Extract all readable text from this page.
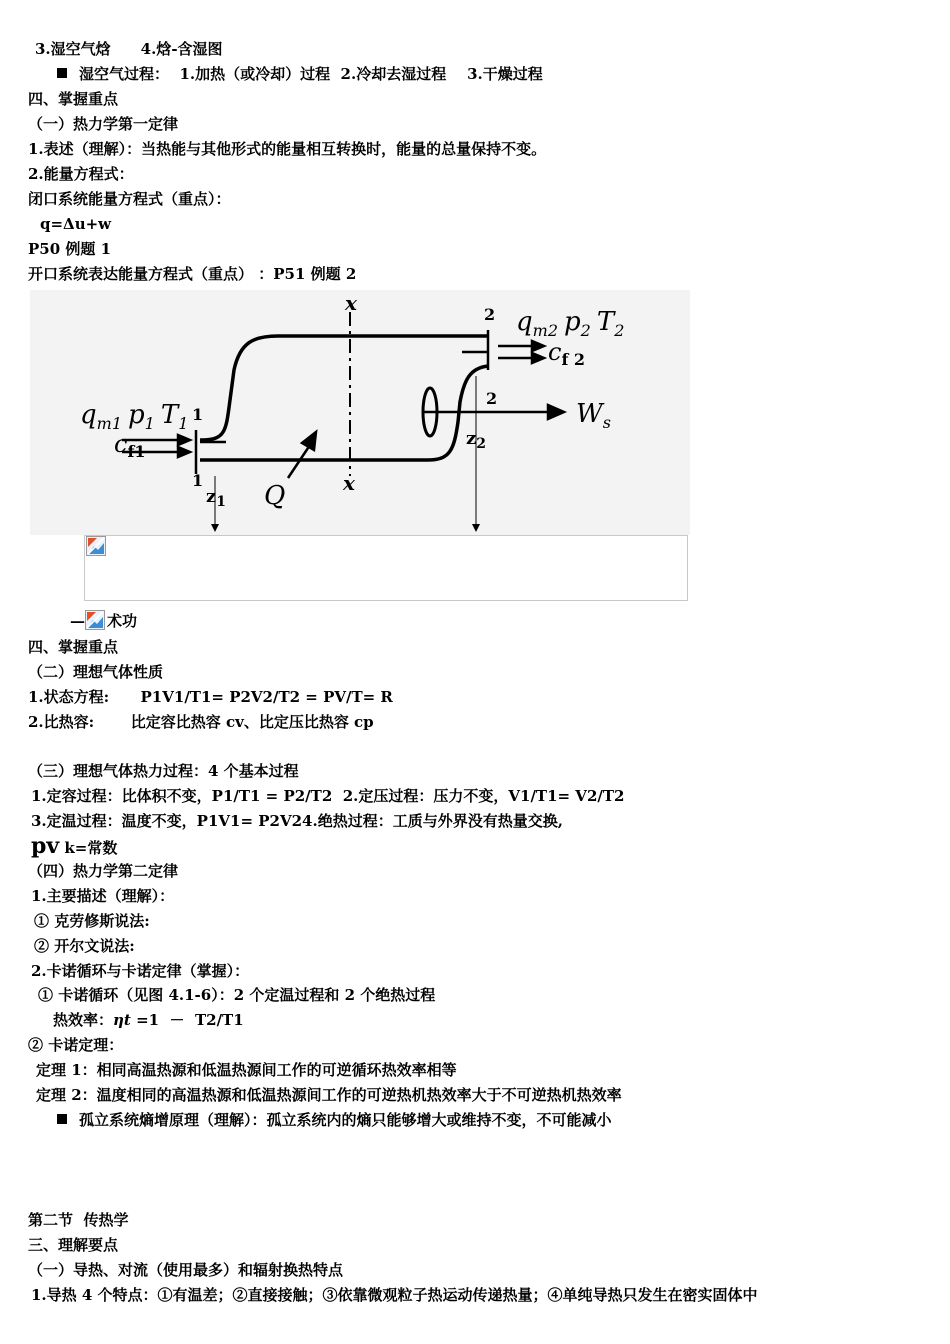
3.湿空气焓　　4.焓-含湿图
湿空气过程：  1.加热（或冷却）过程  2.冷却去湿过程    3.干燥过程
四、掌握重点
（一）热力学第一定律
1.表述（理解）：当热能与其他形式的能量相互转换时，能量的总量保持不变。
2.能量方程式：
闭口系统能量方程式（重点）：
q=Δu+w
P50 例题 1
开口系统表达能量方程式（重点） ：P51 例题 2
$q_{m2}$ $p_2$ $T_2$
$c_{f 2}$
$q_{m1}$ $p_1$ $T_1$
$c_{f1}$
x
x
Q
$W_s$
2
2
1
1
$z_1$
$z_2$
— 术功
四、掌握重点
（二）理想气体性质
1.状态方程:      P1V1/T1= P2V2/T2 = PV/T= R
2.比热容:       比定容比热容 cv、比定压比热容 cp
（三）理想气体热力过程：4 个基本过程
1.定容过程：比体积不变，P1/T1 = P2/T2  2.定压过程：压力不变，V1/T1= V2/T2
3.定温过程：温度不变，P1V1= P2V24.绝热过程：工质与外界没有热量交换,
pv k=常数
（四）热力学第二定律
1.主要描述（理解）：
① 克劳修斯说法:
② 开尔文说法:
2.卡诺循环与卡诺定律（掌握）：
① 卡诺循环（见图 4.1-6）：2 个定温过程和 2 个绝热过程
热效率：ηt =1  －  T2/T1
② 卡诺定理：
定理 1：相同高温热源和低温热源间工作的可逆循环热效率相等
定理 2：温度相同的高温热源和低温热源间工作的可逆热机热效率大于不可逆热机热效率
孤立系统熵增原理（理解）：孤立系统内的熵只能够增大或维持不变，不可能减小
第二节  传热学
三、理解要点
（一）导热、对流（使用最多）和辐射换热特点
1.导热 4 个特点：①有温差；②直接接触；③依靠微观粒子热运动传递热量；④单纯导热只发生在密实固体中
